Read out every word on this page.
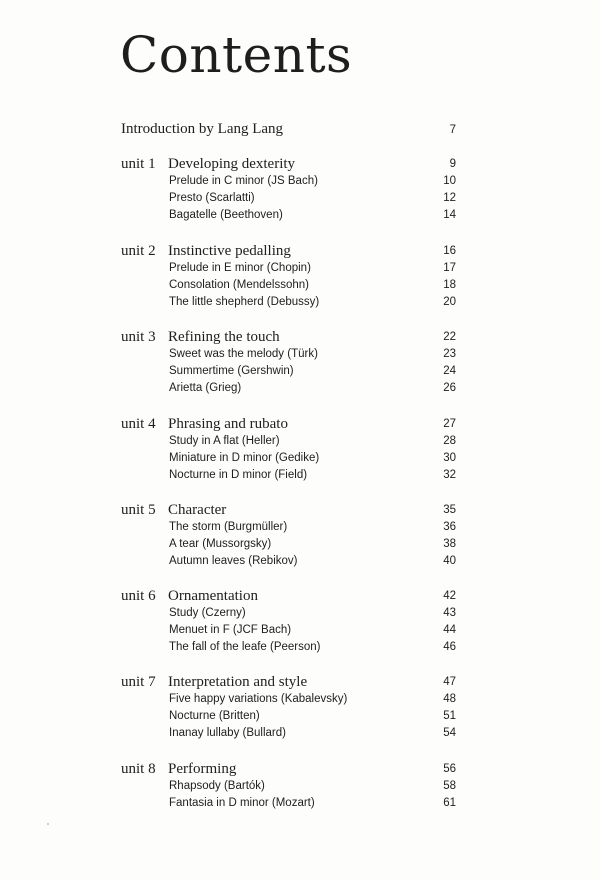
Contents
Introduction by Lang Lang	7
unit 1 Developing dexterity	9
Prelude in C minor (JS Bach)	10
Presto (Scarlatti)	12
Bagatelle (Beethoven)	14
unit 2 Instinctive pedalling	16
Prelude in E minor (Chopin)	17
Consolation (Mendelssohn)	18
The little shepherd (Debussy)	20
unit 3 Refining the touch	22
Sweet was the melody (Türk)	23
Summertime (Gershwin)	24
Arietta (Grieg)	26
unit 4 Phrasing and rubato	27
Study in A flat (Heller)	28
Miniature in D minor (Gedike)	30
Nocturne in D minor (Field)	32
unit 5 Character	35
The storm (Burgmüller)	36
A tear (Mussorgsky)	38
Autumn leaves (Rebikov)	40
unit 6 Ornamentation	42
Study (Czerny)	43
Menuet in F (JCF Bach)	44
The fall of the leafe (Peerson)	46
unit 7 Interpretation and style	47
Five happy variations (Kabalevsky)	48
Nocturne (Britten)	51
Inanay lullaby (Bullard)	54
unit 8 Performing	56
Rhapsody (Bartók)	58
Fantasia in D minor (Mozart)	61
